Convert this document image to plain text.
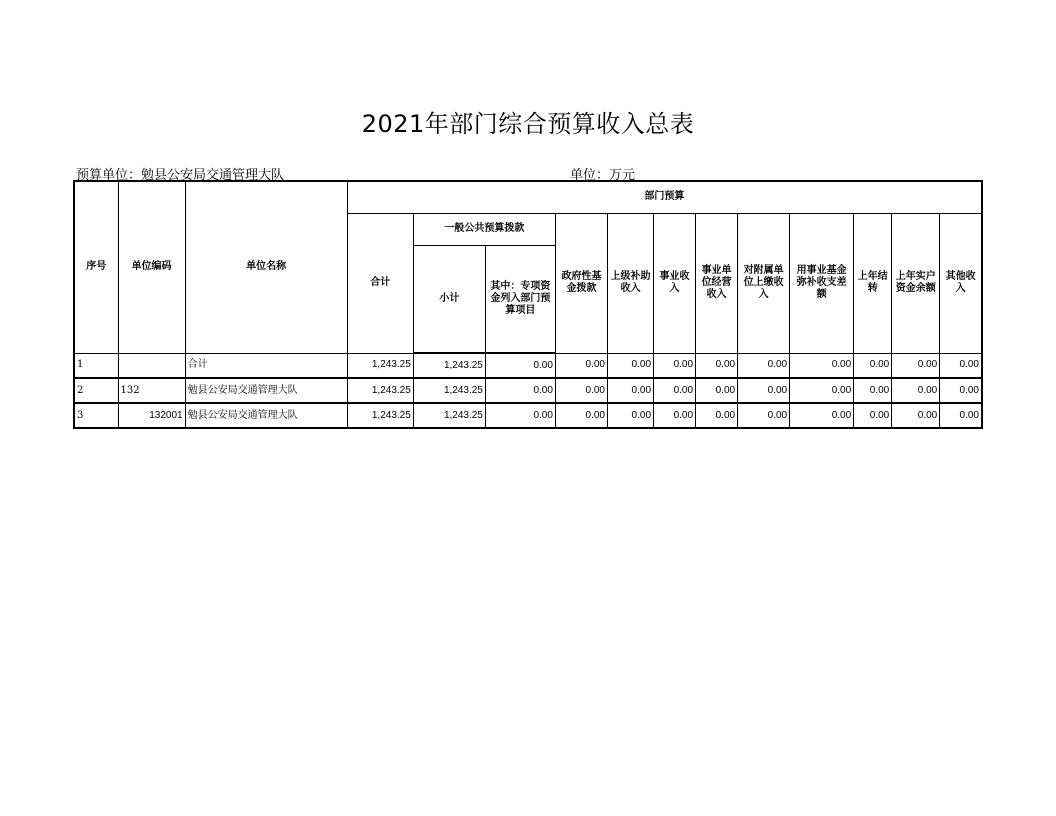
2021年部门综合预算收入总表
预算单位：勉县公安局交通管理大队	单位：万元
序号	单位编码	单位名称	部门预算											
			合计	一般公共预算拨款		政府性基金拨款	上级补助收入	事业收入	事业单位经营收入	对附属单位上缴收入	用事业基金弥补收支差额	上年结转	上年实户资金余额	其他收入
				小计	其中：专项资金列入部门预算项目									
1		合计	1,243.25	1,243.25	0.00	0.00	0.00	0.00	0.00	0.00	0.00	0.00	0.00	0.00
2	132	勉县公安局交通管理大队	1,243.25	1,243.25	0.00	0.00	0.00	0.00	0.00	0.00	0.00	0.00	0.00	0.00
3	132001	勉县公安局交通管理大队	1,243.25	1,243.25	0.00	0.00	0.00	0.00	0.00	0.00	0.00	0.00	0.00	0.00
